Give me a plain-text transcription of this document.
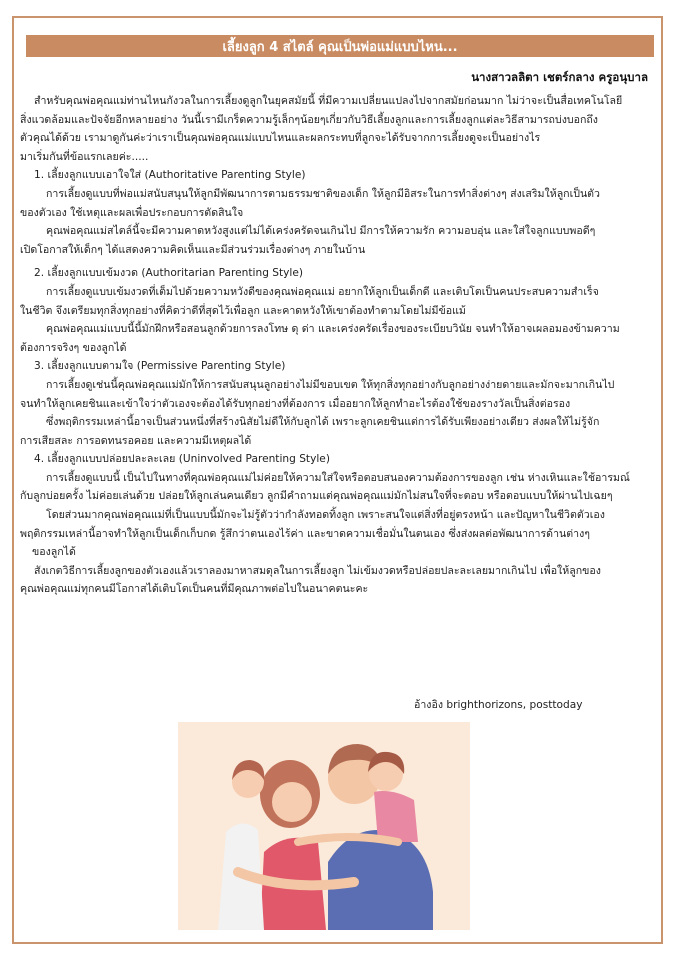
เลี้ยงลูก 4 สไตล์ คุณเป็นพ่อแม่แบบไหน...
นางสาวลลิตา เชตร์กลาง ครูอนุบาล
สำหรับคุณพ่อคุณแม่ท่านไหนกังวลในการเลี้ยงดูลูกในยุคสมัยนี้ ที่มีความเปลี่ยนแปลงไปจากสมัยก่อนมาก ไม่ว่าจะเป็นสื่อเทคโนโลยี
สิ่งแวดล้อมและปัจจัยอีกหลายอย่าง วันนี้เรามีเกร็ดความรู้เล็กๆน้อยๆเกี่ยวกับวิธีเลี้ยงลูกและการเลี้ยงลูกแต่ละวิธีสามารถบ่งบอกถึง
ตัวคุณได้ด้วย เรามาดูกันค่ะว่าเราเป็นคุณพ่อคุณแม่แบบไหนและผลกระทบที่ลูกจะได้รับจากการเลี้ยงดูจะเป็นอย่างไร
มาเริ่มกันที่ข้อแรกเลยค่ะ.....
1. เลี้ยงลูกแบบเอาใจใส่ (Authoritative Parenting Style)
การเลี้ยงดูแบบที่พ่อแม่สนับสนุนให้ลูกมีพัฒนาการตามธรรมชาติของเด็ก ให้ลูกมีอิสระในการทำสิ่งต่างๆ ส่งเสริมให้ลูกเป็นตัว
ของตัวเอง ใช้เหตุและผลเพื่อประกอบการตัดสินใจ
คุณพ่อคุณแม่สไตล์นี้จะมีความคาดหวังสูงแต่ไม่ได้เคร่งครัดจนเกินไป มีการให้ความรัก ความอบอุ่น และใส่ใจลูกแบบพอดีๆ
เปิดโอกาสให้เด็กๆ ได้แสดงความคิดเห็นและมีส่วนร่วมเรื่องต่างๆ ภายในบ้าน
2. เลี้ยงลูกแบบเข้มงวด (Authoritarian Parenting Style)
การเลี้ยงดูแบบเข้มงวดที่เต็มไปด้วยความหวังดีของคุณพ่อคุณแม่ อยากให้ลูกเป็นเด็กดี และเติบโตเป็นคนประสบความสำเร็จ
ในชีวิต จึงเตรียมทุกสิ่งทุกอย่างที่คิดว่าดีที่สุดไว้เพื่อลูก และคาดหวังให้เขาต้องทำตามโดยไม่มีข้อแม้
คุณพ่อคุณแม่แบบนี้นี้มักฝึกหรือสอนลูกด้วยการลงโทษ ดุ ด่า และเคร่งครัดเรื่องของระเบียบวินัย จนทำให้อาจเผลอมองข้ามความ
ต้องการจริงๆ ของลูกได้
3. เลี้ยงลูกแบบตามใจ (Permissive Parenting Style)
การเลี้ยงดูเช่นนี้คุณพ่อคุณแม่มักให้การสนับสนุนลูกอย่างไม่มีขอบเขต ให้ทุกสิ่งทุกอย่างกับลูกอย่างง่ายดายและมักจะมากเกินไป
จนทำให้ลูกเคยชินและเข้าใจว่าตัวเองจะต้องได้รับทุกอย่างที่ต้องการ เมื่ออยากให้ลูกทำอะไรต้องใช้ของรางวัลเป็นสิ่งต่อรอง
ซึ่งพฤติกรรมเหล่านี้อาจเป็นส่วนหนึ่งที่สร้างนิสัยไม่ดีให้กับลูกได้ เพราะลูกเคยชินแต่การได้รับเพียงอย่างเดียว ส่งผลให้ไม่รู้จัก
การเสียสละ การอดทนรอคอย และความมีเหตุผลได้
4. เลี้ยงลูกแบบปล่อยปละละเลย (Uninvolved Parenting Style)
การเลี้ยงดูแบบนี้ เป็นไปในทางที่คุณพ่อคุณแม่ไม่ค่อยให้ความใส่ใจหรือตอบสนองความต้องการของลูก เช่น ห่างเหินและใช้อารมณ์
กับลูกบ่อยครั้ง ไม่ค่อยเล่นด้วย ปล่อยให้ลูกเล่นคนเดียว ลูกมีคำถามแต่คุณพ่อคุณแม่มักไม่สนใจที่จะตอบ หรือตอบแบบให้ผ่านไปเฉยๆ
โดยส่วนมากคุณพ่อคุณแม่ที่เป็นแบบนี้มักจะไม่รู้ตัวว่ากำลังทอดทิ้งลูก เพราะสนใจแต่สิ่งที่อยู่ตรงหน้า และปัญหาในชีวิตตัวเอง
พฤติกรรมเหล่านี้อาจทำให้ลูกเป็นเด็กเก็บกด รู้สึกว่าตนเองไร้ค่า และขาดความเชื่อมั่นในตนเอง ซึ่งส่งผลต่อพัฒนาการด้านต่างๆ
ของลูกได้
สังเกตวิธีการเลี้ยงลูกของตัวเองแล้วเราลองมาหาสมดุลในการเลี้ยงลูก ไม่เข้มงวดหรือปล่อยปละละเลยมากเกินไป เพื่อให้ลูกของ
คุณพ่อคุณแม่ทุกคนมีโอกาสได้เติบโตเป็นคนที่มีคุณภาพต่อไปในอนาคตนะคะ
อ้างอิง brighthorizons, posttoday
